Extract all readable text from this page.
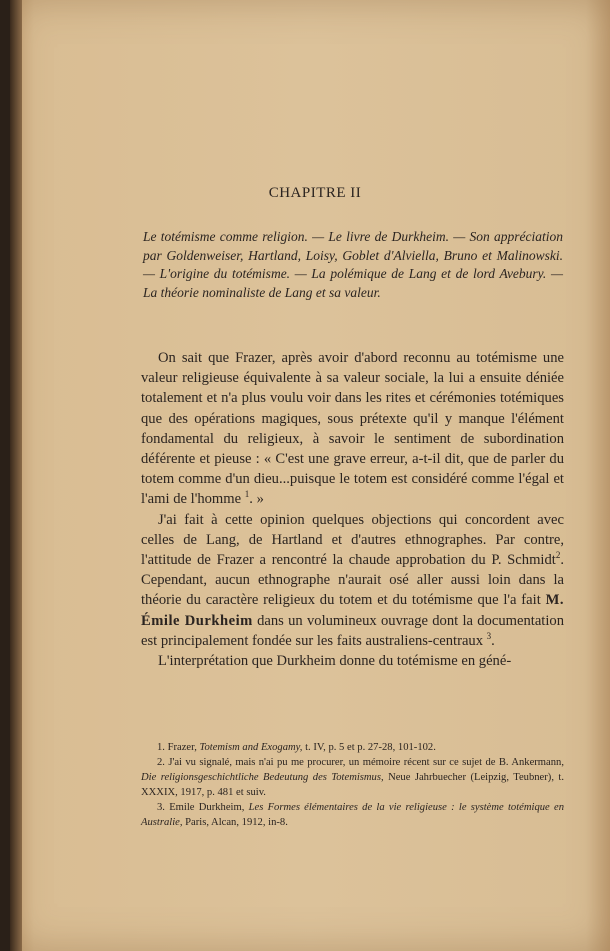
CHAPITRE II

Le totémisme comme religion. — Le livre de Durkheim. — Son appréciation par Goldenweiser, Hartland, Loisy, Goblet d'Alviella, Bruno et Malinowski. — L'origine du totémisme. — La polémique de Lang et de lord Avebury. — La théorie nominaliste de Lang et sa valeur.

On sait que Frazer, après avoir d'abord reconnu au totémisme une valeur religieuse équivalente à sa valeur sociale, la lui a ensuite déniée totalement et n'a plus voulu voir dans les rites et cérémonies totémiques que des opérations magiques, sous prétexte qu'il y manque l'élément fondamental du religieux, à savoir le sentiment de subordination déférente et pieuse : « C'est une grave erreur, a-t-il dit, que de parler du totem comme d'un dieu...puisque le totem est considéré comme l'égal et l'ami de l'homme $^1$. »

J'ai fait à cette opinion quelques objections qui concordent avec celles de Lang, de Hartland et d'autres ethnographes. Par contre, l'attitude de Frazer a rencontré la chaude approbation du P. Schmidt$^2$. Cependant, aucun ethnographe n'aurait osé aller aussi loin dans la théorie du caractère religieux du totem et du totémisme que l'a fait M. Émile Durkheim dans un volumineux ouvrage dont la documentation est principalement fondée sur les faits australiens-centraux $^3$.

L'interprétation que Durkheim donne du totémisme en géné-

1. Frazer, Totemism and Exogamy, t. IV, p. 5 et p. 27-28, 101-102.

2. J'ai vu signalé, mais n'ai pu me procurer, un mémoire récent sur ce sujet de B. Ankermann, Die religionsgeschichtliche Bedeutung des Totemismus, Neue Jahrbuecher (Leipzig, Teubner), t. XXXIX, 1917, p. 481 et suiv.

3. Emile Durkheim, Les Formes élémentaires de la vie religieuse : le système totémique en Australie, Paris, Alcan, 1912, in-8.
